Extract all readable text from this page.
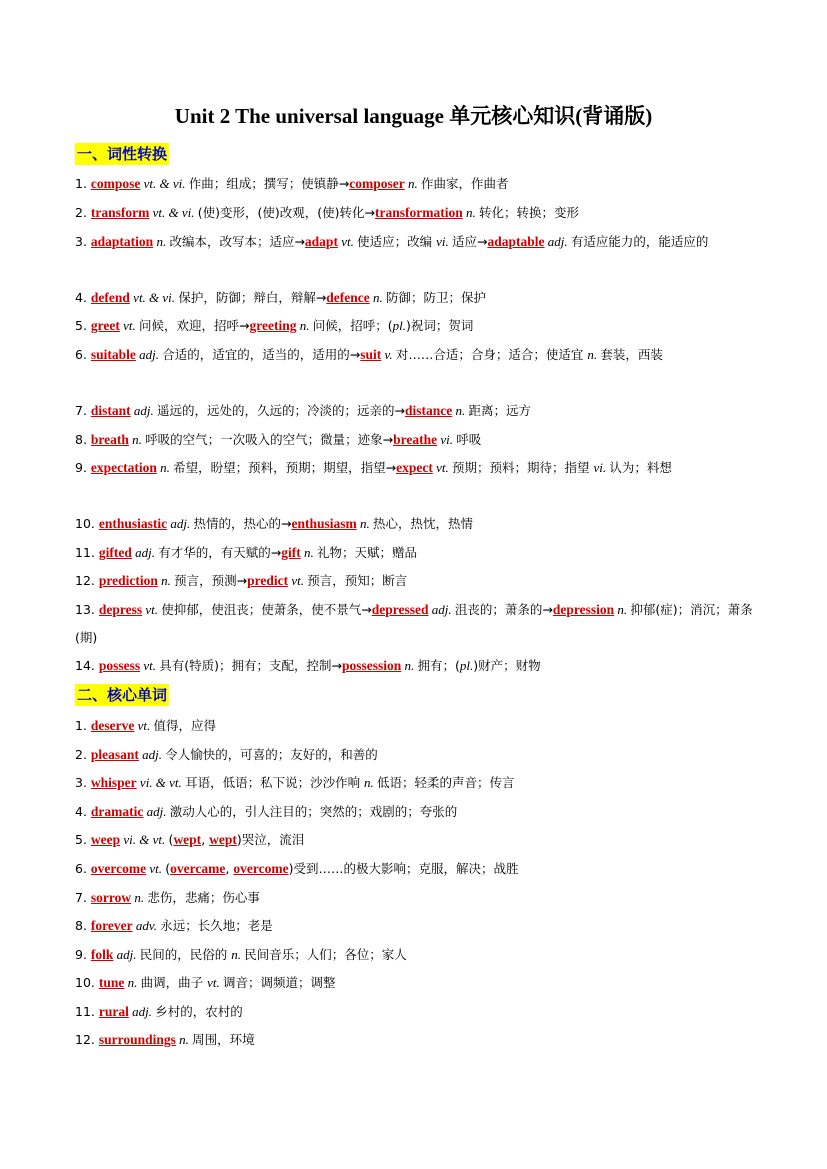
Unit 2 The universal language 单元核心知识(背诵版)
一、词性转换
1. compose vt. & vi. 作曲；组成；撰写；使镇静→composer n. 作曲家，作曲者
2. transform vt. & vi. (使)变形，(使)改观，(使)转化→transformation n. 转化；转换；变形
3. adaptation n. 改编本，改写本；适应→adapt vt. 使适应；改编 vi. 适应→adaptable adj. 有适应能力的，能适应的
4. defend vt. & vi. 保护，防御；辩白，辩解→defence n. 防御；防卫；保护
5. greet vt. 问候，欢迎，招呼→greeting n. 问候，招呼；(pl.)祝词；贺词
6. suitable adj. 合适的，适宜的，适当的，适用的→suit v. 对……合适；合身；适合；使适宜 n. 套装，西装
7. distant adj. 遥远的，远处的，久远的；冷淡的；远亲的→distance n. 距离；远方
8. breath n. 呼吸的空气；一次吸入的空气；微量；迹象→breathe vi. 呼吸
9. expectation n. 希望，盼望；预料，预期；期望，指望→expect vt. 预期；预料；期待；指望 vi. 认为；料想
10. enthusiastic adj. 热情的，热心的→enthusiasm n. 热心，热忱，热情
11. gifted adj. 有才华的，有天赋的→gift n. 礼物；天赋；赠品
12. prediction n. 预言，预测→predict vt. 预言，预知；断言
13. depress vt. 使抑郁，使沮丧；使萧条，使不景气→depressed adj. 沮丧的；萧条的→depression n. 抑郁(症)；消沉；萧条(期)
14. possess vt. 具有(特质)；拥有；支配，控制→possession n. 拥有；(pl.)财产；财物
二、核心单词
1. deserve vt. 值得，应得
2. pleasant adj. 令人愉快的，可喜的；友好的，和善的
3. whisper vi. & vt. 耳语，低语；私下说；沙沙作响 n. 低语；轻柔的声音；传言
4. dramatic adj. 激动人心的，引人注目的；突然的；戏剧的；夸张的
5. weep vi. & vt. (wept, wept)哭泣，流泪
6. overcome vt. (overcame, overcome)受到……的极大影响；克服，解决；战胜
7. sorrow n. 悲伤，悲痛；伤心事
8. forever adv. 永远；长久地；老是
9. folk adj. 民间的，民俗的 n. 民间音乐；人们；各位；家人
10. tune n. 曲调，曲子 vt. 调音；调频道；调整
11. rural adj. 乡村的，农村的
12. surroundings n. 周围，环境
